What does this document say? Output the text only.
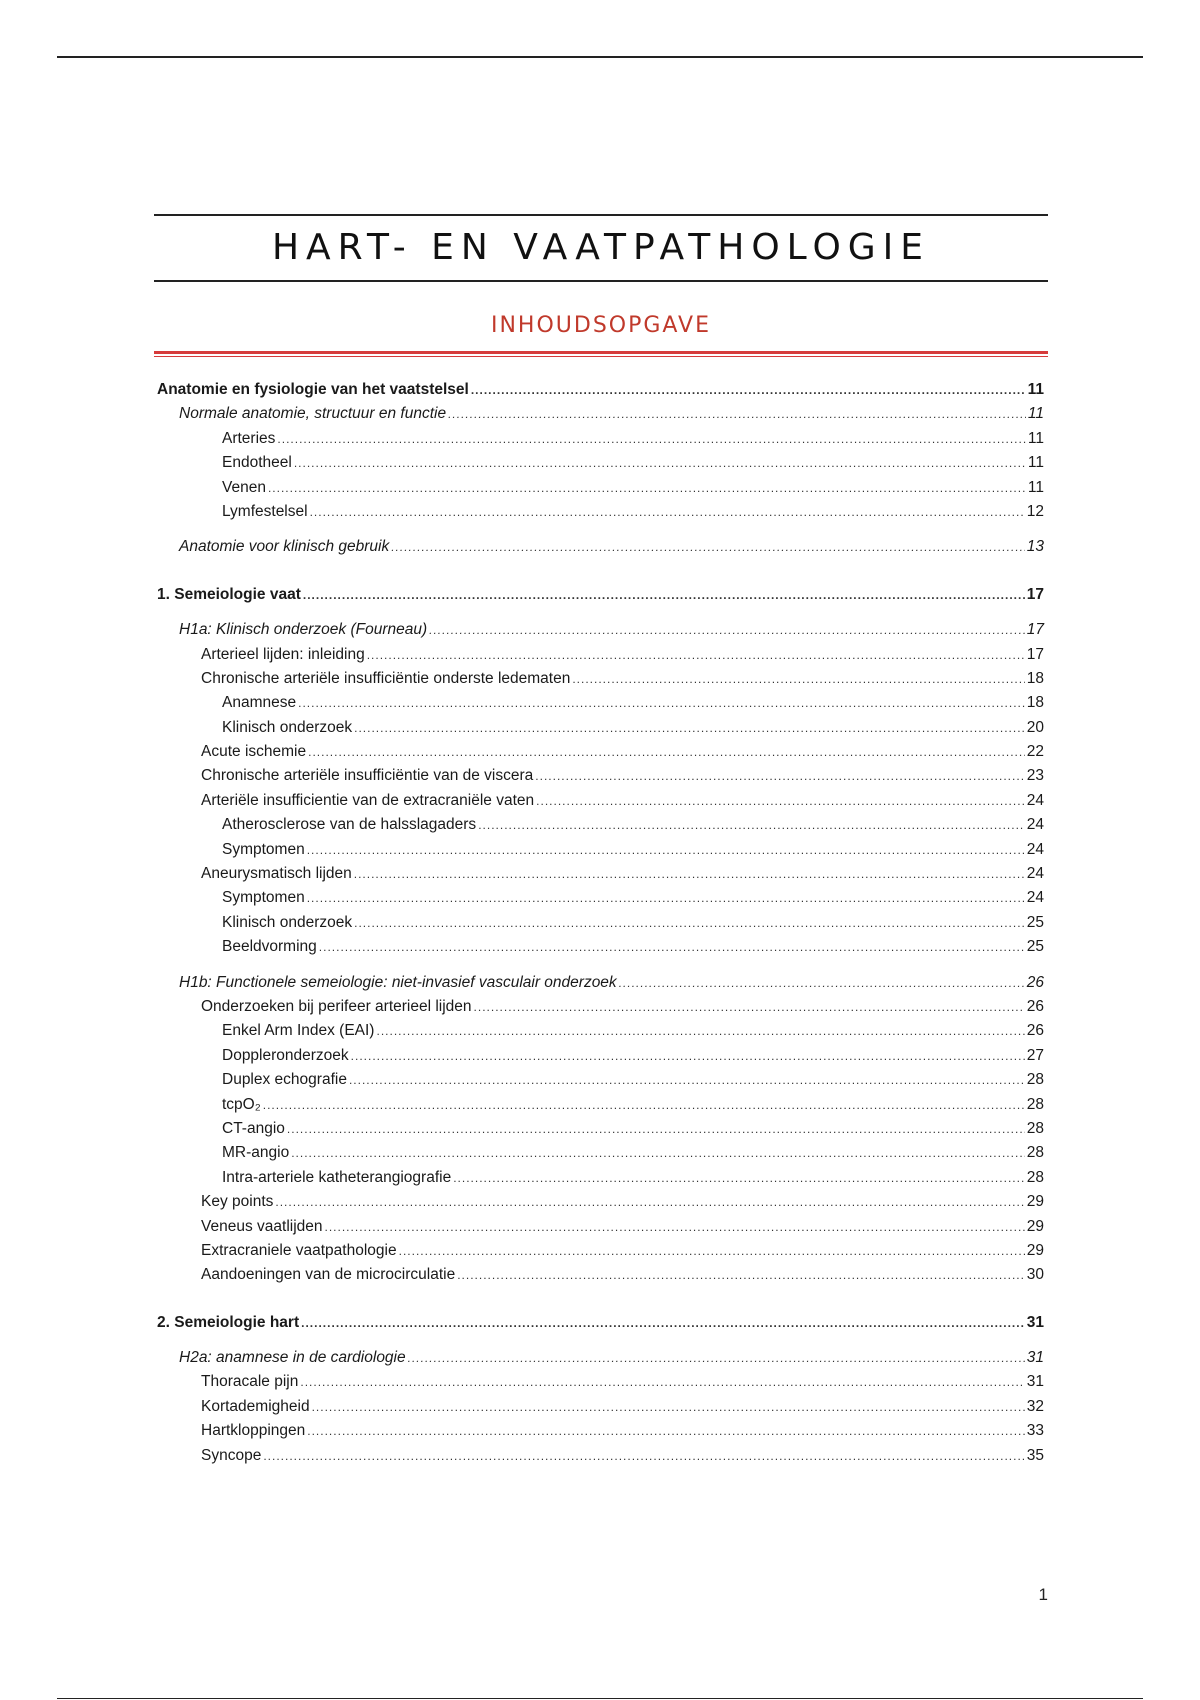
HART- EN VAATPATHOLOGIE
INHOUDSOPGAVE
Anatomie en fysiologie van het vaatstelsel .....	11
Normale anatomie, structuur en functie .....	11
Arteries .....	11
Endotheel .....	11
Venen .....	11
Lymfestelsel .....	12
Anatomie voor klinisch gebruik .....	13
1. Semeiologie vaat .....	17
H1a: Klinisch onderzoek (Fourneau) .....	17
Arterieel lijden: inleiding .....	17
Chronische arteriële insufficiëntie onderste ledematen .....	18
Anamnese .....	18
Klinisch onderzoek .....	20
Acute ischemie .....	22
Chronische arteriële insufficiëntie van de viscera .....	23
Arteriële insufficientie van de extracraniële vaten .....	24
Atherosclerose van de halsslagaders .....	24
Symptomen .....	24
Aneurysmatisch lijden .....	24
Symptomen .....	24
Klinisch onderzoek .....	25
Beeldvorming .....	25
H1b: Functionele semeiologie: niet-invasief vasculair onderzoek .....	26
Onderzoeken bij perifeer arterieel lijden .....	26
Enkel Arm Index (EAI) .....	26
Doppleronderzoek .....	27
Duplex echografie .....	28
tcpO₂ .....	28
CT-angio .....	28
MR-angio .....	28
Intra-arteriele katheterangiografie .....	28
Key points .....	29
Veneus vaatlijden .....	29
Extracraniele vaatpathologie .....	29
Aandoeningen van de microcirculatie .....	30
2. Semeiologie hart .....	31
H2a: anamnese in de cardiologie .....	31
Thoracale pijn .....	31
Kortademigheid .....	32
Hartkloppingen .....	33
Syncope .....	35
1
